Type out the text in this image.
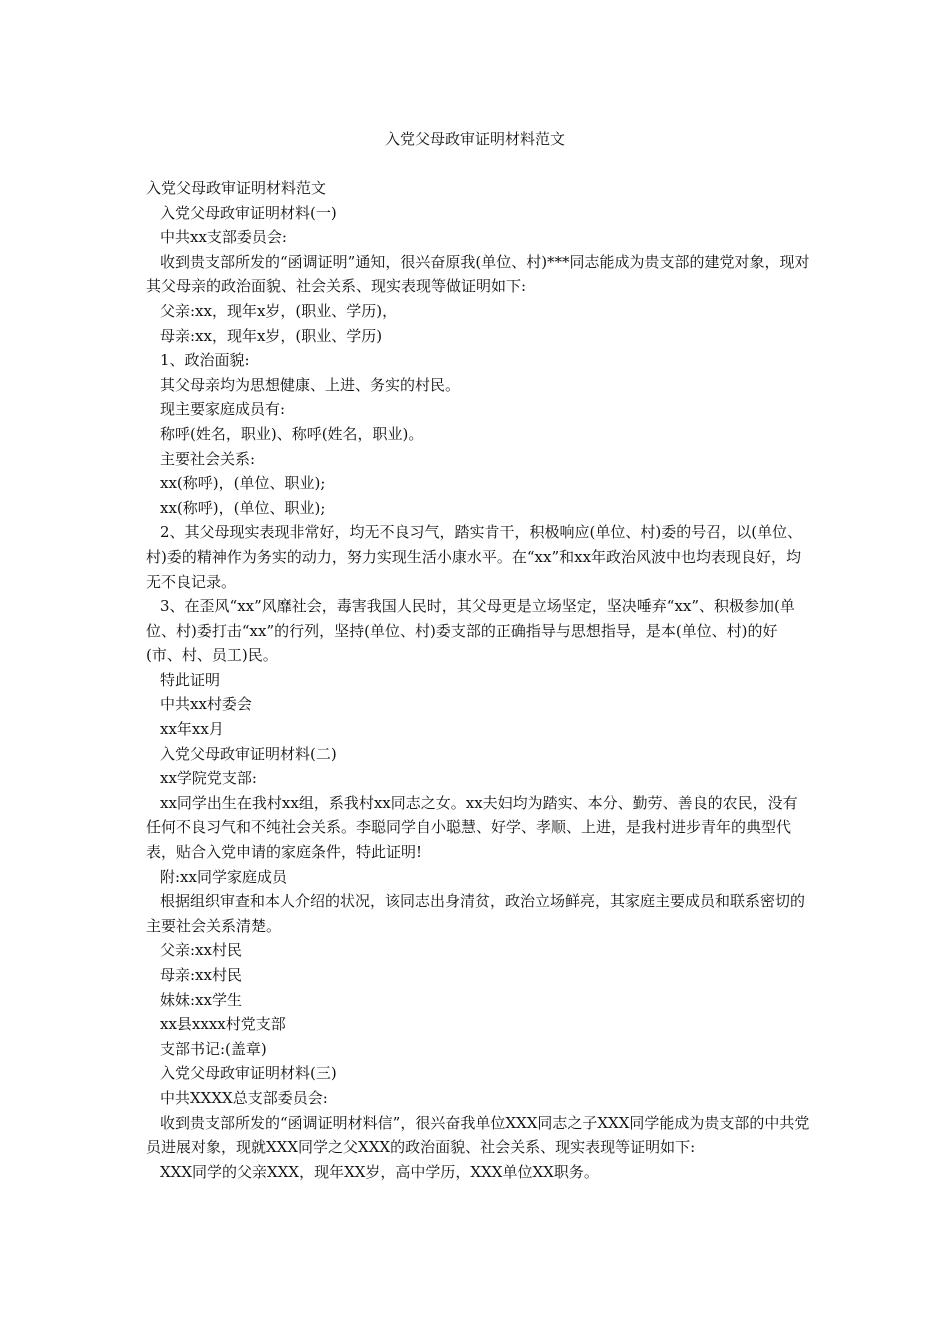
入党父母政审证明材料范文

入党父母政审证明材料范文

入党父母政审证明材料(一)

中共xx支部委员会:

收到贵支部所发的“函调证明”通知，很兴奋原我(单位、村)***同志能成为贵支部的建党对象，现对其父母亲的政治面貌、社会关系、现实表现等做证明如下:

父亲:xx，现年x岁，(职业、学历)，

母亲:xx，现年x岁，(职业、学历)

1、政治面貌:

其父母亲均为思想健康、上进、务实的村民。

现主要家庭成员有:

称呼(姓名，职业)、称呼(姓名，职业)。

主要社会关系:

xx(称呼)，(单位、职业);

xx(称呼)，(单位、职业);

2、其父母现实表现非常好，均无不良习气，踏实肯干，积极响应(单位、村)委的号召，以(单位、村)委的精神作为务实的动力，努力实现生活小康水平。在“xx”和xx年政治风波中也均表现良好，均无不良记录。

3、在歪风“xx”风靡社会，毒害我国人民时，其父母更是立场坚定，坚决唾弃“xx”、积极参加(单位、村)委打击“xx”的行列，坚持(单位、村)委支部的正确指导与思想指导，是本(单位、村)的好(市、村、员工)民。

特此证明

中共xx村委会

xx年xx月

入党父母政审证明材料(二)

xx学院党支部:

xx同学出生在我村xx组，系我村xx同志之女。xx夫妇均为踏实、本分、勤劳、善良的农民，没有任何不良习气和不纯社会关系。李聪同学自小聪慧、好学、孝顺、上进，是我村进步青年的典型代表，贴合入党申请的家庭条件，特此证明!

附:xx同学家庭成员

根据组织审查和本人介绍的状况，该同志出身清贫，政治立场鲜亮，其家庭主要成员和联系密切的主要社会关系清楚。

父亲:xx村民

母亲:xx村民

妹妹:xx学生

xx县xxxx村党支部

支部书记:(盖章)

入党父母政审证明材料(三)

中共XXXX总支部委员会:

收到贵支部所发的“函调证明材料信”，很兴奋我单位XXX同志之子XXX同学能成为贵支部的中共党员进展对象，现就XXX同学之父XXX的政治面貌、社会关系、现实表现等证明如下:

XXX同学的父亲XXX，现年XX岁，高中学历，XXX单位XX职务。
